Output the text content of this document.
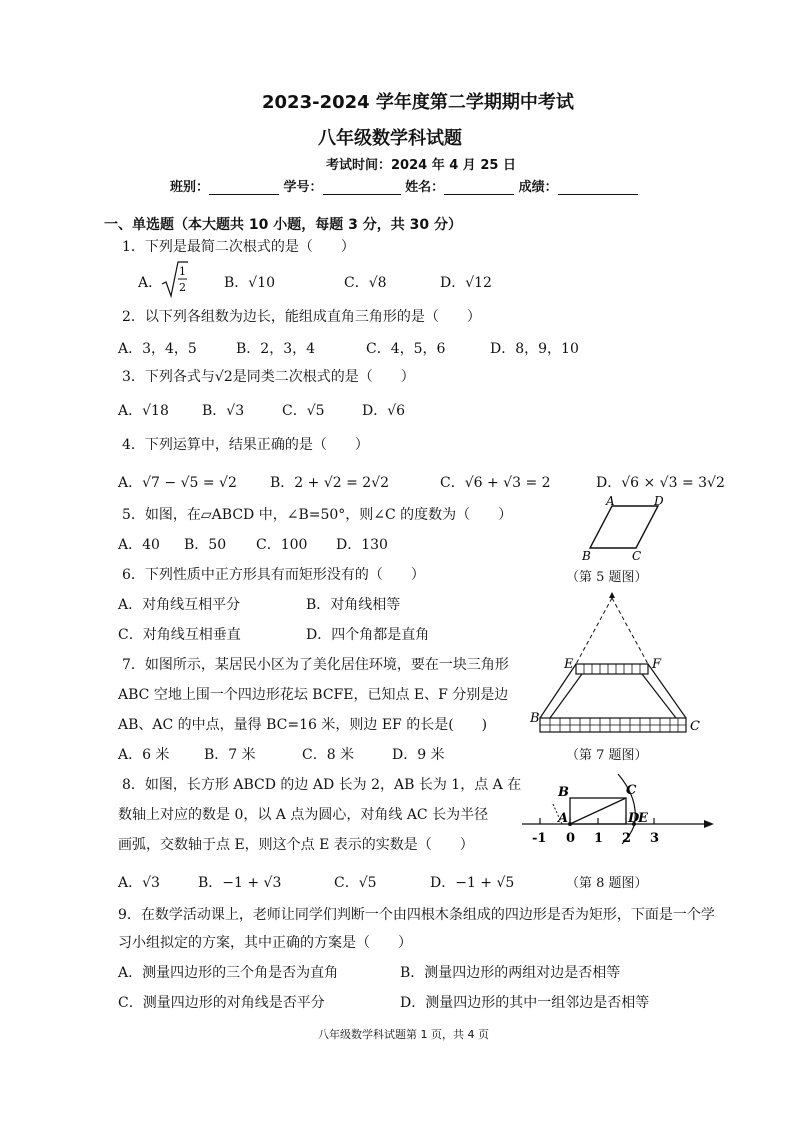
2023-2024 学年度第二学期期中考试
八年级数学科试题
考试时间：2024 年 4 月 25 日
班别：	学号：	姓名：	成绩：
一、单选题（本大题共 10 小题，每题 3 分，共 30 分）
1．下列是最简二次根式的是（　　）
A．
1
2	B．√10	C．√8	D．√12
2．以下列各组数为边长，能组成直角三角形的是（　　）
A．3，4，5	B．2，3，4	C．4，5，6	D．8，9，10
3．下列各式与√2是同类二次根式的是（　　）
A．√18 B．√3	C．√5	D．√6
4．下列运算中，结果正确的是（　　）
A．√7 − √5 = √2 B．2 + √2 = 2√2	C．√6 + √3 = 2	D．√6 × √3 = 3√2
5．如图，在▱ABCD 中，∠B=50°，则∠C 的度数为（　　）
A．40 B．50 C．100 D．130
A	D
B	C
（第 5 题图）
6．下列性质中正方形具有而矩形没有的（　　）
A．对角线互相平分	B．对角线相等
C．对角线互相垂直	D．四个角都是直角
E	F
B
C
（第 7 题图）
7．如图所示，某居民小区为了美化居住环境，要在一块三角形
ABC 空地上围一个四边形花坛 BCFE，已知点 E、F 分别是边
AB、AC 的中点，量得 BC=16 米，则边 EF 的长是(　　)
A．6 米 B．7 米	C．8 米	D．9 米
8．如图，长方形 ABCD 的边 AD 长为 2，AB 长为 1，点 A 在
数轴上对应的数是 0，以 A 点为圆心，对角线 AC 长为半径
画弧，交数轴于点 E，则这个点 E 表示的实数是（　　）
A．√3	B．−1 + √3	C．√5	D．−1 + √5
B	C
A	D
E
-1 0 1 2 3
（第 8 题图）
9．在数学活动课上，老师让同学们判断一个由四根木条组成的四边形是否为矩形，下面是一个学
习小组拟定的方案，其中正确的方案是（　　）
A．测量四边形的三个角是否为直角	B．测量四边形的两组对边是否相等
C．测量四边形的对角线是否平分	D．测量四边形的其中一组邻边是否相等
八年级数学科试题第 1 页，共 4 页
